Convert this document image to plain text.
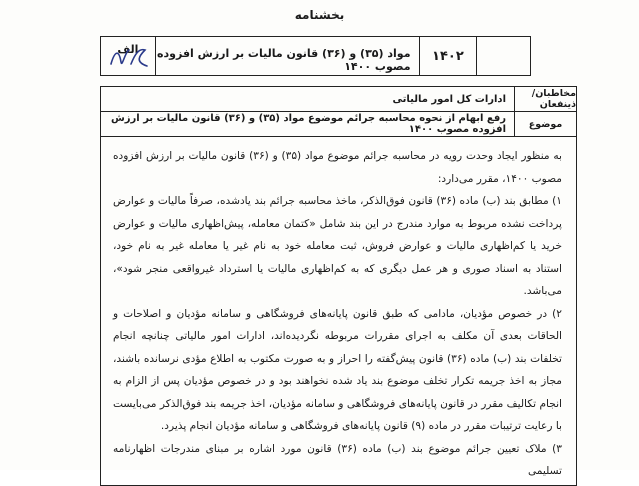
بخشنامه
۱۴۰۲
مواد (۳۵) و (۳۶) قانون مالیات بر ارزش افزوده مصوب ۱۴۰۰
الف
مخاطبان/ذینفعان
ادارات کل امور مالیاتی
موضوع
رفع ابهام از نحوه محاسبه جرائم موضوع مواد (۳۵) و (۳۶) قانون مالیات بر ارزش افزوده مصوب ۱۴۰۰

به منظور ایجاد وحدت رویه در محاسبه جرائم موضوع مواد (۳۵) و (۳۶) قانون مالیات بر ارزش افزوده مصوب ۱۴۰۰، مقرر می‌دارد:

۱) مطابق بند (ب) ماده (۳۶) قانون فوق‌الذکر، ماخذ محاسبه جرائم بند یادشده، صرفاً مالیات و عوارض پرداخت نشده مربوط به موارد مندرج در این بند شامل «کتمان معامله، پیش‌اظهاری مالیات و عوارض خرید یا کم‌اظهاری مالیات و عوارض فروش، ثبت معامله خود به نام غیر یا معامله غیر به نام خود، استناد به اسناد صوری و هر عمل دیگری که به کم‌اظهاری مالیات یا استرداد غیرواقعی منجر شود»، می‌باشد.

۲) در خصوص مؤدیان، مادامی که طبق قانون پایانه‌های فروشگاهی و سامانه مؤدیان و اصلاحات و الحاقات بعدی آن مکلف به اجرای مقررات مربوطه نگردیده‌اند، ادارات امور مالیاتی چنانچه انجام تخلفات بند (ب) ماده (۳۶) قانون پیش‌گفته را احراز و به صورت مکتوب به اطلاع مؤدی نرسانده باشند، مجاز به اخذ جریمه تکرار تخلف موضوع بند یاد شده نخواهند بود و در خصوص مؤدیان پس از الزام به انجام تکالیف مقرر در قانون پایانه‌های فروشگاهی و سامانه مؤدیان، اخذ جریمه بند فوق‌الذکر می‌بایست با رعایت ترتیبات مقرر در ماده (۹) قانون پایانه‌های فروشگاهی و سامانه مؤدیان انجام پذیرد.

۳) ملاک تعیین جرائم موضوع بند (ب) ماده (۳۶) قانون مورد اشاره بر مبنای مندرجات اظهارنامه تسلیمی
